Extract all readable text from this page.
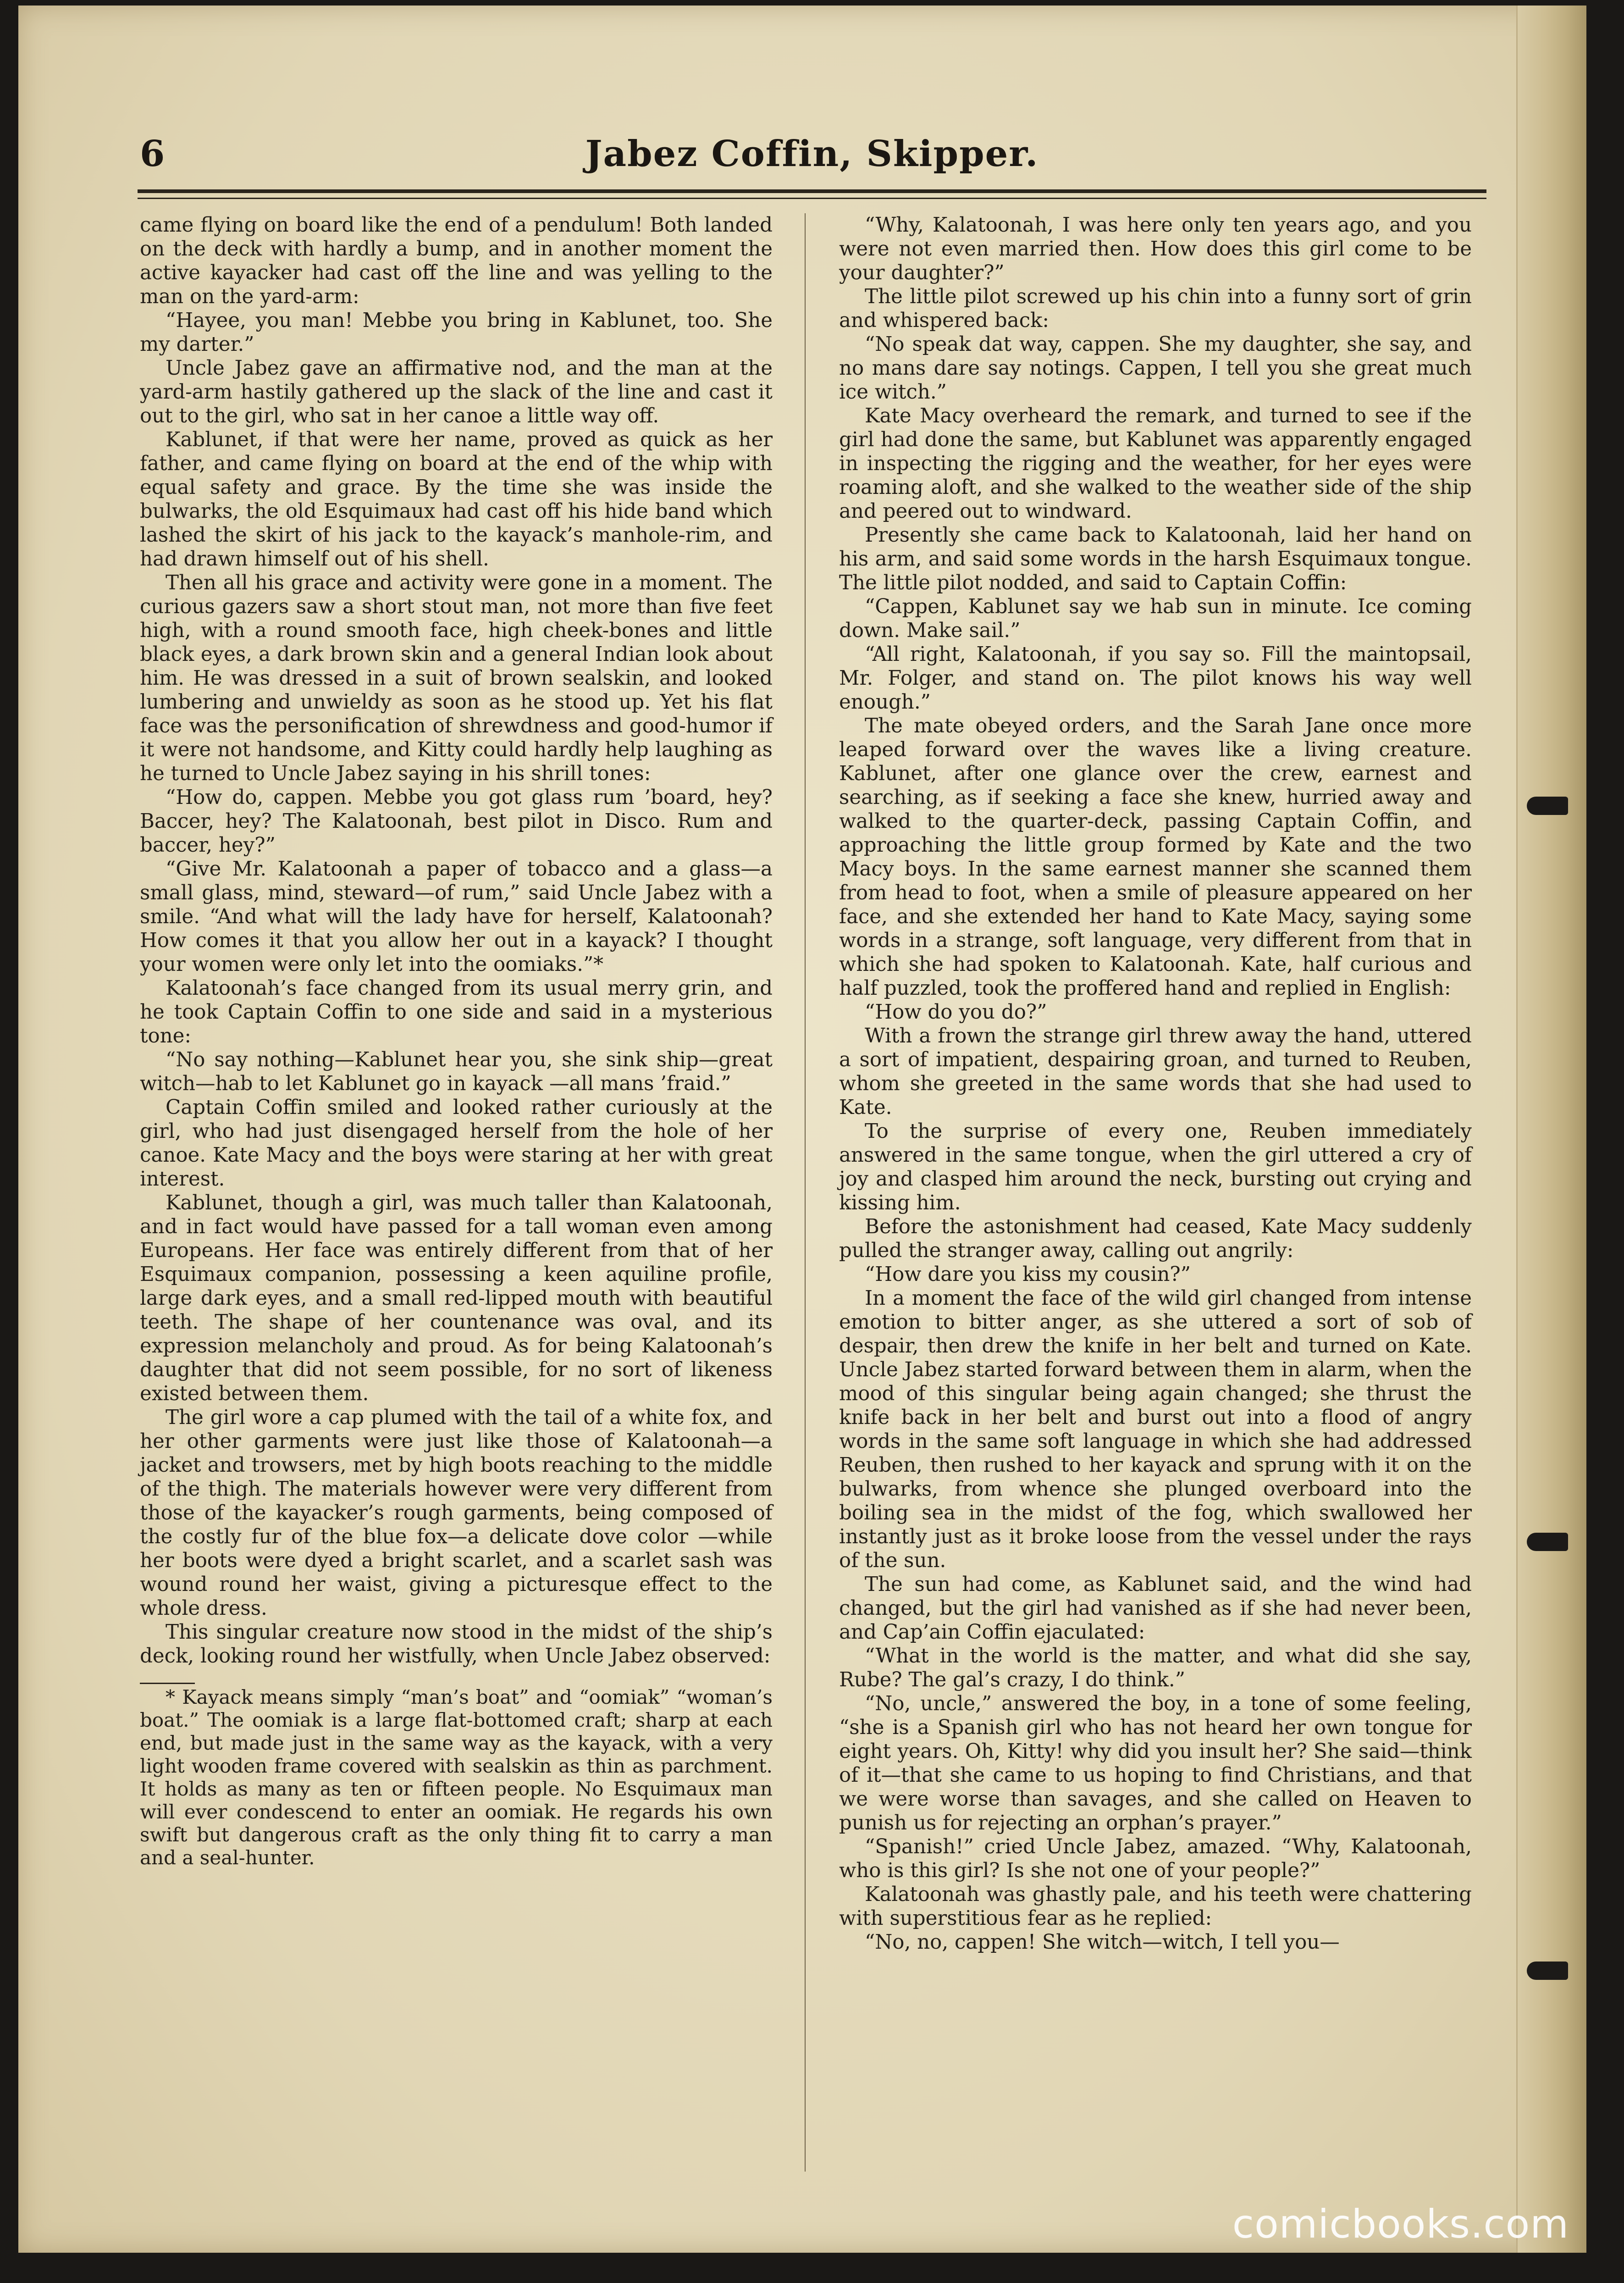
6	Jabez Coffin, Skipper.

came flying on board like the end of a pendulum! Both landed on the deck with hardly a bump, and in another moment the active kayacker had cast off the line and was yelling to the man on the yard-arm:

“Hayee, you man! Mebbe you bring in Kablunet, too. She my darter.”

Uncle Jabez gave an affirmative nod, and the man at the yard-arm hastily gathered up the slack of the line and cast it out to the girl, who sat in her canoe a little way off.

Kablunet, if that were her name, proved as quick as her father, and came flying on board at the end of the whip with equal safety and grace. By the time she was inside the bulwarks, the old Esquimaux had cast off his hide band which lashed the skirt of his jack to the kayack’s manhole-rim, and had drawn himself out of his shell.

Then all his grace and activity were gone in a moment. The curious gazers saw a short stout man, not more than five feet high, with a round smooth face, high cheek-bones and little black eyes, a dark brown skin and a general Indian look about him. He was dressed in a suit of brown sealskin, and looked lumbering and unwieldy as soon as he stood up. Yet his flat face was the personification of shrewdness and good-humor if it were not handsome, and Kitty could hardly help laughing as he turned to Uncle Jabez saying in his shrill tones:

“How do, cappen. Mebbe you got glass rum ’board, hey? Baccer, hey? The Kalatoonah, best pilot in Disco. Rum and baccer, hey?”

“Give Mr. Kalatoonah a paper of tobacco and a glass—a small glass, mind, steward—of rum,” said Uncle Jabez with a smile. “And what will the lady have for herself, Kalatoonah? How comes it that you allow her out in a kayack? I thought your women were only let into the oomiaks.”*

Kalatoonah’s face changed from its usual merry grin, and he took Captain Coffin to one side and said in a mysterious tone:

“No say nothing—Kablunet hear you, she sink ship—great witch—hab to let Kablunet go in kayack —all mans ’fraid.”

Captain Coffin smiled and looked rather curiously at the girl, who had just disengaged herself from the hole of her canoe. Kate Macy and the boys were staring at her with great interest.

Kablunet, though a girl, was much taller than Kalatoonah, and in fact would have passed for a tall woman even among Europeans. Her face was entirely different from that of her Esquimaux companion, possessing a keen aquiline profile, large dark eyes, and a small red-lipped mouth with beautiful teeth. The shape of her countenance was oval, and its expression melancholy and proud. As for being Kalatoonah’s daughter that did not seem possible, for no sort of likeness existed between them.

The girl wore a cap plumed with the tail of a white fox, and her other garments were just like those of Kalatoonah—a jacket and trowsers, met by high boots reaching to the middle of the thigh. The materials however were very different from those of the kayacker’s rough garments, being composed of the costly fur of the blue fox—a delicate dove color —while her boots were dyed a bright scarlet, and a scarlet sash was wound round her waist, giving a picturesque effect to the whole dress.

This singular creature now stood in the midst of the ship’s deck, looking round her wistfully, when Uncle Jabez observed:

* Kayack means simply “man’s boat” and “oomiak” “woman’s boat.” The oomiak is a large flat-bottomed craft; sharp at each end, but made just in the same way as the kayack, with a very light wooden frame covered with sealskin as thin as parchment. It holds as many as ten or fifteen people. No Esquimaux man will ever condescend to enter an oomiak. He regards his own swift but dangerous craft as the only thing fit to carry a man and a seal-hunter.

“Why, Kalatoonah, I was here only ten years ago, and you were not even married then. How does this girl come to be your daughter?”

The little pilot screwed up his chin into a funny sort of grin and whispered back:

“No speak dat way, cappen. She my daughter, she say, and no mans dare say notings. Cappen, I tell you she great much ice witch.”

Kate Macy overheard the remark, and turned to see if the girl had done the same, but Kablunet was apparently engaged in inspecting the rigging and the weather, for her eyes were roaming aloft, and she walked to the weather side of the ship and peered out to windward.

Presently she came back to Kalatoonah, laid her hand on his arm, and said some words in the harsh Esquimaux tongue. The little pilot nodded, and said to Captain Coffin:

“Cappen, Kablunet say we hab sun in minute. Ice coming down. Make sail.”

“All right, Kalatoonah, if you say so. Fill the maintopsail, Mr. Folger, and stand on. The pilot knows his way well enough.”

The mate obeyed orders, and the Sarah Jane once more leaped forward over the waves like a living creature. Kablunet, after one glance over the crew, earnest and searching, as if seeking a face she knew, hurried away and walked to the quarter-deck, passing Captain Coffin, and approaching the little group formed by Kate and the two Macy boys. In the same earnest manner she scanned them from head to foot, when a smile of pleasure appeared on her face, and she extended her hand to Kate Macy, saying some words in a strange, soft language, very different from that in which she had spoken to Kalatoonah. Kate, half curious and half puzzled, took the proffered hand and replied in English:

“How do you do?”

With a frown the strange girl threw away the hand, uttered a sort of impatient, despairing groan, and turned to Reuben, whom she greeted in the same words that she had used to Kate.

To the surprise of every one, Reuben immediately answered in the same tongue, when the girl uttered a cry of joy and clasped him around the neck, bursting out crying and kissing him.

Before the astonishment had ceased, Kate Macy suddenly pulled the stranger away, calling out angrily:

“How dare you kiss my cousin?”

In a moment the face of the wild girl changed from intense emotion to bitter anger, as she uttered a sort of sob of despair, then drew the knife in her belt and turned on Kate. Uncle Jabez started forward between them in alarm, when the mood of this singular being again changed; she thrust the knife back in her belt and burst out into a flood of angry words in the same soft language in which she had addressed Reuben, then rushed to her kayack and sprung with it on the bulwarks, from whence she plunged overboard into the boiling sea in the midst of the fog, which swallowed her instantly just as it broke loose from the vessel under the rays of the sun.

The sun had come, as Kablunet said, and the wind had changed, but the girl had vanished as if she had never been, and Cap’ain Coffin ejaculated:

“What in the world is the matter, and what did she say, Rube? The gal’s crazy, I do think.”

“No, uncle,” answered the boy, in a tone of some feeling, “she is a Spanish girl who has not heard her own tongue for eight years. Oh, Kitty! why did you insult her? She said—think of it—that she came to us hoping to find Christians, and that we were worse than savages, and she called on Heaven to punish us for rejecting an orphan’s prayer.”

“Spanish!” cried Uncle Jabez, amazed. “Why, Kalatoonah, who is this girl? Is she not one of your people?”

Kalatoonah was ghastly pale, and his teeth were chattering with superstitious fear as he replied:

“No, no, cappen! She witch—witch, I tell you—

comicbooks.com
